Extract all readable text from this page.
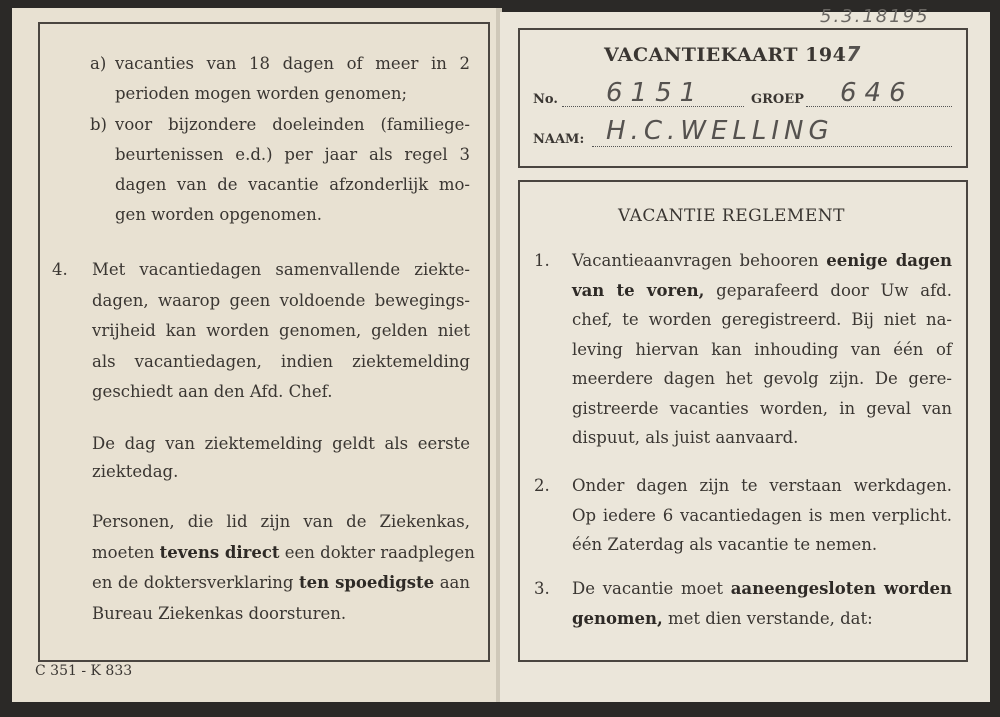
a)
b)
4.
C 351 - K 833
vacanties van 18 dagen of meer in 2
perioden mogen worden genomen;
voor bijzondere doeleinden (familiege-
beurtenissen e.d.) per jaar als regel 3
dagen van de vacantie afzonderlijk mo-
gen worden opgenomen.
Met vacantiedagen samenvallende ziekte-
dagen, waarop geen voldoende bewegings-
vrijheid kan worden genomen, gelden niet
als vacantiedagen, indien ziektemelding
geschiedt aan den Afd. Chef.
De dag van ziektemelding geldt als eerste
ziektedag.
Personen, die lid zijn van de Ziekenkas,
moeten tevens direct een dokter raadplegen
en de doktersverklaring ten spoedigste aan
Bureau Ziekenkas doorsturen.
Vacantieaanvragen behooren eenige dagen
van te voren, geparafeerd door Uw afd.
chef, te worden geregistreerd. Bij niet na-
leving hiervan kan inhouding van één of
meerdere dagen het gevolg zijn. De gere-
gistreerde vacanties worden, in geval van
dispuut, als juist aanvaard.
Onder dagen zijn te verstaan werkdagen.
Op iedere 6 vacantiedagen is men verplicht.
één Zaterdag als vacantie te nemen.
De vacantie moet aaneengesloten worden
genomen, met dien verstande, dat:
5.3.18195
VACANTIEKAART 1947
No. 6151	GROEP 646
NAAM: H.C.WELLING
VACANTIE REGLEMENT
1.
2.
3.
